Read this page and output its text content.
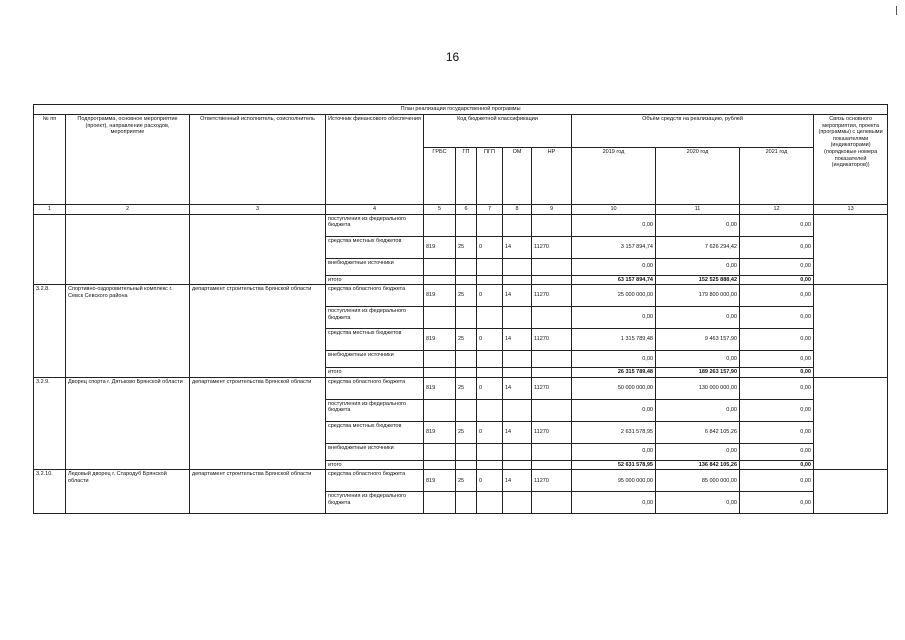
16
План реализации государственной программы												
№ пп	Подпрограмма, основное мероприятие (проект), направление расходов, мероприятие	Ответственный исполнитель, соисполнитель	Источник финансового обеспечения	Код бюджетной классификации					Объём средств на реализацию, рублей			Связь основного мероприятия, проекта (программы) с целевыми показателями (индикаторами) (порядковые номера показателей (индикаторов))
				ГРБС	ГП	ПГП	ОМ	НР	2019 год	2020 год	2021 год	
1	2	3	4	5	6	7	8	9	10	11	12	13
			поступления из федерального бюджета						0,00	0,00	0,00	
			средства местных бюджетов	819	25	0	14	11270	3 157 894,74	7 626 294,42	0,00	
			внебюджетные источники						0,00	0,00	0,00	
			итого						63 157 894,74	152 525 888,42	0,00	
3.2.8.	Спортивно-оздоровительный комплекс г. Севск Севского района	департамент строительства Брянской области	средства областного бюджета	819	25	0	14	11270	25 000 000,00	179 800 000,00	0,00	
			поступления из федерального бюджета						0,00	0,00	0,00	
			средства местных бюджетов	819	25	0	14	11270	1 315 789,48	9 463 157,90	0,00	
			внебюджетные источники						0,00	0,00	0,00	
			итого						26 315 789,48	189 263 157,90	0,00	
3.2.9.	Дворец спорта г. Дятьково Брянской области	департамент строительства Брянской области	средства областного бюджета	819	25	0	14	11270	50 000 000,00	130 000 000,00	0,00	
			поступления из федерального бюджета						0,00	0,00	0,00	
			средства местных бюджетов	819	25	0	14	11270	2 631 578,95	6 842 105,26	0,00	
			внебюджетные источники						0,00	0,00	0,00	
			итого						52 631 578,95	136 842 105,26	0,00	
3.2.10.	Ледовый дворец г. Стародуб Брянской области	департамент строительства Брянской области	средства областного бюджета	819	25	0	14	11270	95 000 000,00	85 000 000,00	0,00	
			поступления из федерального бюджета						0,00	0,00	0,00	
